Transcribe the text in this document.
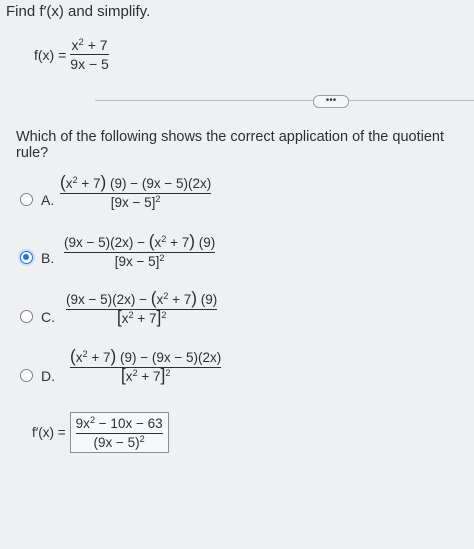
Find f′(x) and simplify.
$f(x) = \frac{x^2 + 7}{9x - 5}$
•••
Which of the following shows the correct application of the quotient rule?
A. $\frac{(x^2 + 7) (9) - (9x - 5)(2x)}{[9x - 5]^2}$
B. $\frac{(9x - 5)(2x) - (x^2 + 7) (9)}{[9x - 5]^2}$
C. $\frac{(9x - 5)(2x) - (x^2 + 7) (9)}{[x^2 + 7]^2}$
D. $\frac{(x^2 + 7) (9) - (9x - 5)(2x)}{[x^2 + 7]^2}$
$f'(x) = \frac{9x^2 - 10x - 63}{(9x - 5)^2}$
